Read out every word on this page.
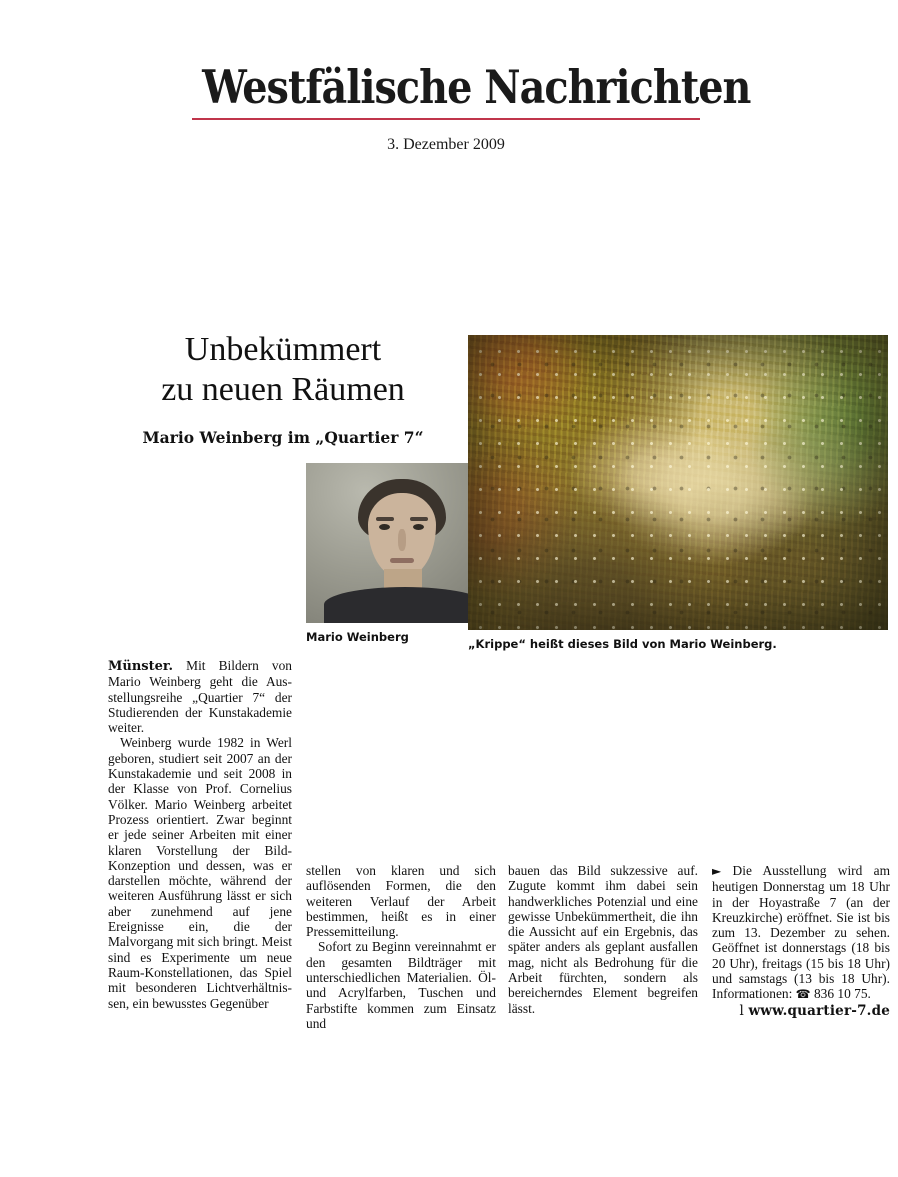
Westfälische Nachrichten
3. Dezember 2009
Unbekümmert
zu neuen Räumen
Mario Weinberg im „Quartier 7“
Mario Weinberg	„Krippe“ heißt dieses Bild von Mario Weinberg.

Münster. Mit Bildern von Mario Weinberg geht die Ausstellungsreihe „Quartier 7“ der Studierenden der Kunstakademie weiter.

Weinberg wurde 1982 in Werl geboren, studiert seit 2007 an der Kunstakademie und seit 2008 in der Klasse von Prof. Cornelius Völker. Mario Weinberg arbeitet Prozess orientiert. Zwar beginnt er jede seiner Arbeiten mit einer klaren Vorstellung der Bild-Konzeption und dessen, was er darstellen möchte, während der weiteren Ausführung lässt er sich aber zunehmend auf jene Ereignisse ein, die der Malvorgang mit sich bringt. Meist sind es Experimente um neue Raum-Konstellationen, das Spiel mit besonderen Lichtverhältnissen, ein bewusstes Gegenüber

stellen von klaren und sich auflösenden Formen, die den weiteren Verlauf der Arbeit bestimmen, heißt es in einer Pressemitteilung.

Sofort zu Beginn vereinnahmt er den gesamten Bildträger mit unterschiedlichen Materialien. Öl- und Acrylfarben, Tuschen und Farbstifte kommen zum Einsatz und

bauen das Bild sukzessive auf. Zugute kommt ihm dabei sein handwerkliches Potenzial und eine gewisse Unbekümmertheit, die ihn die Aussicht auf ein Ergebnis, das später anders als geplant ausfallen mag, nicht als Bedrohung für die Arbeit fürchten, sondern als bereicherndes Element begreifen lässt.

► Die Ausstellung wird am heutigen Donnerstag um 18 Uhr in der Hoyastraße 7 (an der Kreuzkirche) eröffnet. Sie ist bis zum 13. Dezember zu sehen. Geöffnet ist donnerstags (18 bis 20 Uhr), freitags (15 bis 18 Uhr) und samstags (13 bis 18 Uhr). Informationen: ☎ 836 10 75.

l www.quartier-7.de
